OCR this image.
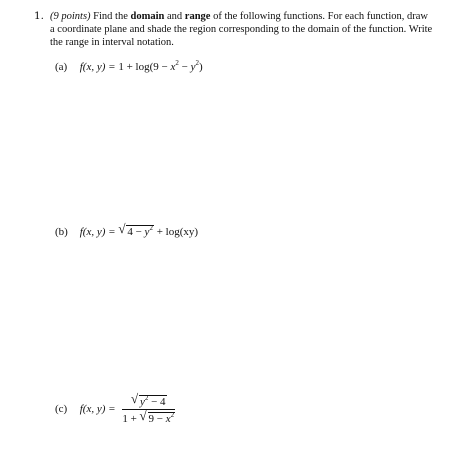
1. (9 points) Find the domain and range of the following functions. For each function, draw
a coordinate plane and shade the region corresponding to the domain of the function. Write
the range in interval notation.
(a) f(x, $y) = 1 + \log(9 - x^2 - y^2)$
(b) f(x, y) = √ $4 - y^2 + \log(xy)$
(c) f(x, $y) = \frac{√ y^2 - 4}{1 + √ 9 - x^2}$
